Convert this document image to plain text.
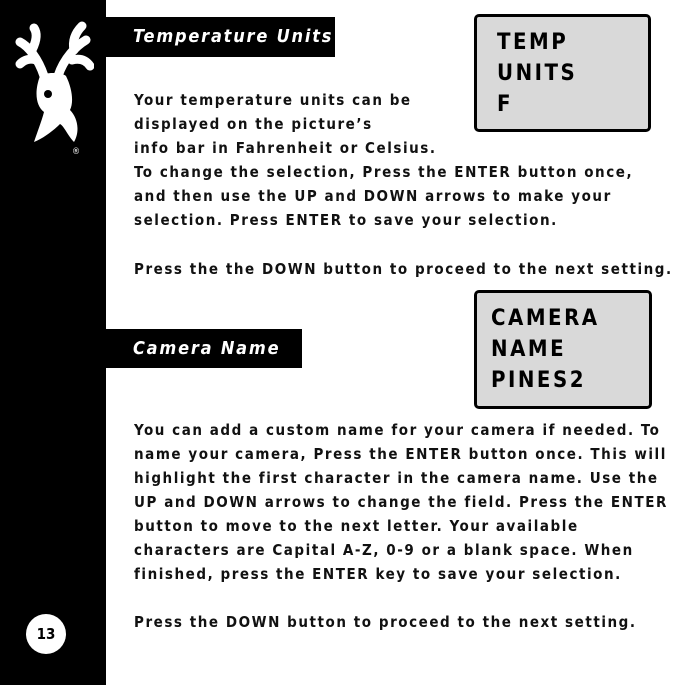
®
13
Temperature Units	TEMP
UNITS
F

Your temperature units can be
displayed on the picture’s
info bar in Fahrenheit or Celsius.
To change the selection, Press the ENTER button once,
and then use the UP and DOWN arrows to make your
selection. Press ENTER to save your selection.

Press the the DOWN button to proceed to the next setting.

Camera Name
CAMERA
NAME
PINES2

You can add a custom name for your camera if needed. To
name your camera, Press the ENTER button once. This will
highlight the first character in the camera name. Use the
UP and DOWN arrows to change the field. Press the ENTER
button to move to the next letter. Your available
characters are Capital A-Z, 0-9 or a blank space. When
finished, press the ENTER key to save your selection.

Press the DOWN button to proceed to the next setting.
